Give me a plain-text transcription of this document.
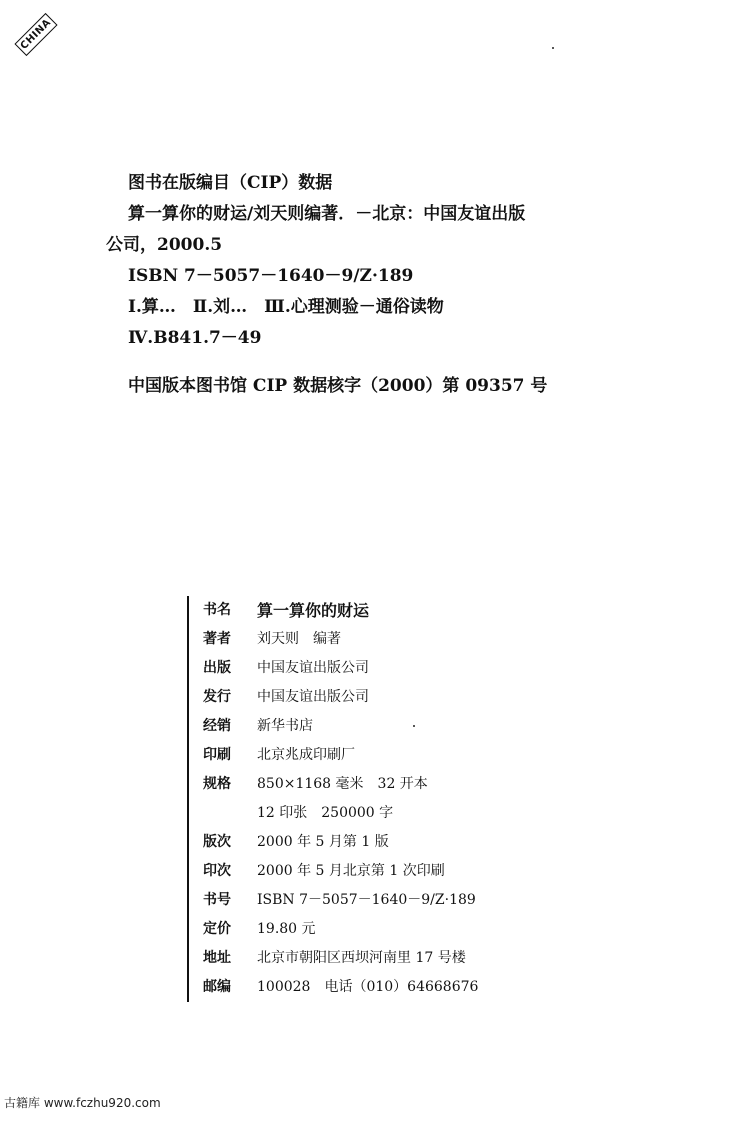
CHINA
图书在版编目（CIP）数据
算一算你的财运/刘天则编著．－北京：中国友谊出版
公司，2000.5
ISBN 7－5057－1640－9/Z·189
Ⅰ.算…　Ⅱ.刘…　Ⅲ.心理测验－通俗读物
Ⅳ.B841.7－49
中国版本图书馆 CIP 数据核字（2000）第 09357 号
书名	算一算你的财运
著者	刘天则　编著
出版	中国友谊出版公司
发行	中国友谊出版公司
经销	新华书店
印刷	北京兆成印刷厂
规格	850×1168 毫米　32 开本
12 印张　250000 字
版次	2000 年 5 月第 1 版
印次	2000 年 5 月北京第 1 次印刷
书号	ISBN 7－5057－1640－9/Z·189
定价	19.80 元
地址	北京市朝阳区西坝河南里 17 号楼
邮编	100028　电话（010）64668676
古籍库 www.fczhu920.com
